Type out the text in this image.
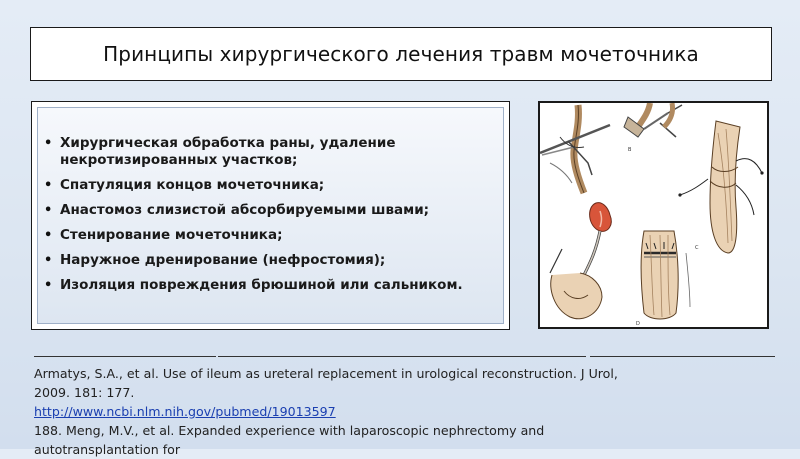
Принципы хирургического лечения травм мочеточника
• Хирургическая обработка раны, удаление некротизированных участков;
• Спатуляция концов мочеточника;
• Анастомоз слизистой абсорбируемыми швами;
• Стенирование мочеточника;
• Наружное дренирование (нефростомия);
• Изоляция повреждения брюшиной или сальником.
B
C
D
Armatys, S.A., et al. Use of ileum as ureteral replacement in urological reconstruction. J Urol,
2009. 181: 177.
http://www.ncbi.nlm.nih.gov/pubmed/19013597
188. Meng, M.V., et al. Expanded experience with laparoscopic nephrectomy and
autotransplantation for
